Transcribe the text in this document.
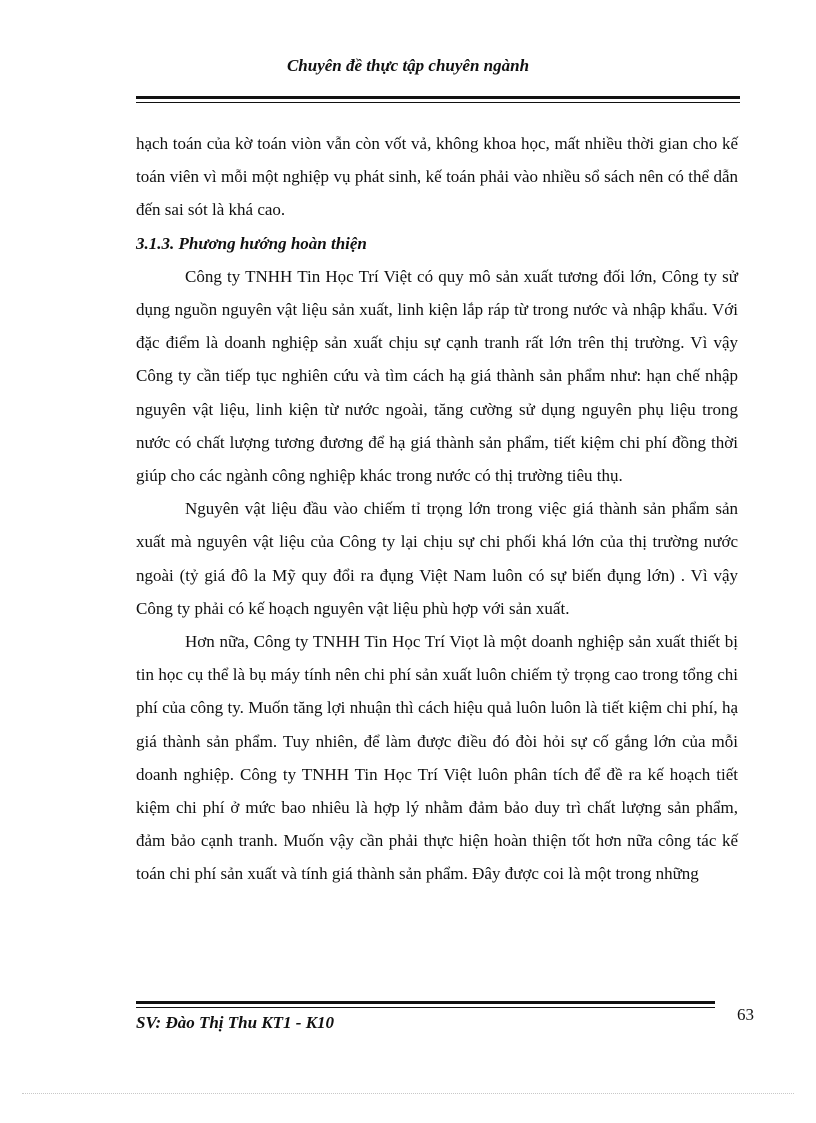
Chuyên đề thực tập chuyên ngành

hạch toán của kờ toán viòn vẫn còn vốt vả, không khoa học, mất nhiều thời gian cho kế toán viên vì mỗi một nghiệp vụ phát sinh, kế toán phải vào nhiều sổ sách nên có thể dẫn đến sai sót là khá cao.

3.1.3. Phương hướng hoàn thiện

Công ty TNHH Tin Học Trí Việt có quy mô sản xuất tương đối lớn, Công ty sử dụng nguồn nguyên vật liệu sản xuất, linh kiện lắp ráp từ trong nước và nhập khẩu. Với đặc điểm là doanh nghiệp sản xuất chịu sự cạnh tranh rất lớn trên thị trường. Vì vậy Công ty cần tiếp tục nghiên cứu và tìm cách hạ giá thành sản phẩm như: hạn chế nhập nguyên vật liệu, linh kiện từ nước ngoài, tăng cường sử dụng nguyên phụ liệu trong nước có chất lượng tương đương để hạ giá thành sản phẩm, tiết kiệm chi phí đồng thời giúp cho các ngành công nghiệp khác trong nước có thị trường tiêu thụ.

Nguyên vật liệu đầu vào chiếm tỉ trọng lớn trong việc giá thành sản phẩm sản xuất mà nguyên vật liệu của Công ty lại chịu sự chi phối khá lớn của thị trường nước ngoài (tỷ giá đô la Mỹ quy đổi ra đụng Việt Nam luôn có sự biến đụng lớn) . Vì vậy Công ty phải có kế hoạch nguyên vật liệu phù hợp với sản xuất.

Hơn nữa, Công ty TNHH Tin Học Trí Viọt là một doanh nghiệp sản xuất thiết bị tin học cụ thể là bụ máy tính nên chi phí sản xuất luôn chiếm tỷ trọng cao trong tổng chi phí của công ty. Muốn tăng lợi nhuận thì cách hiệu quả luôn luôn là tiết kiệm chi phí, hạ giá thành sản phẩm. Tuy nhiên, để làm được điều đó đòi hỏi sự cố gắng lớn của mỗi doanh nghiệp. Công ty TNHH Tin Học Trí Việt luôn phân tích để đề ra kế hoạch tiết kiệm chi phí ở mức bao nhiêu là hợp lý nhằm đảm bảo duy trì chất lượng sản phẩm, đảm bảo cạnh tranh. Muốn vậy cần phải thực hiện hoàn thiện tốt hơn nữa công tác kế toán chi phí sản xuất và tính giá thành sản phẩm. Đây được coi là một trong những

SV: Đào Thị Thu KT1 - K10	63
